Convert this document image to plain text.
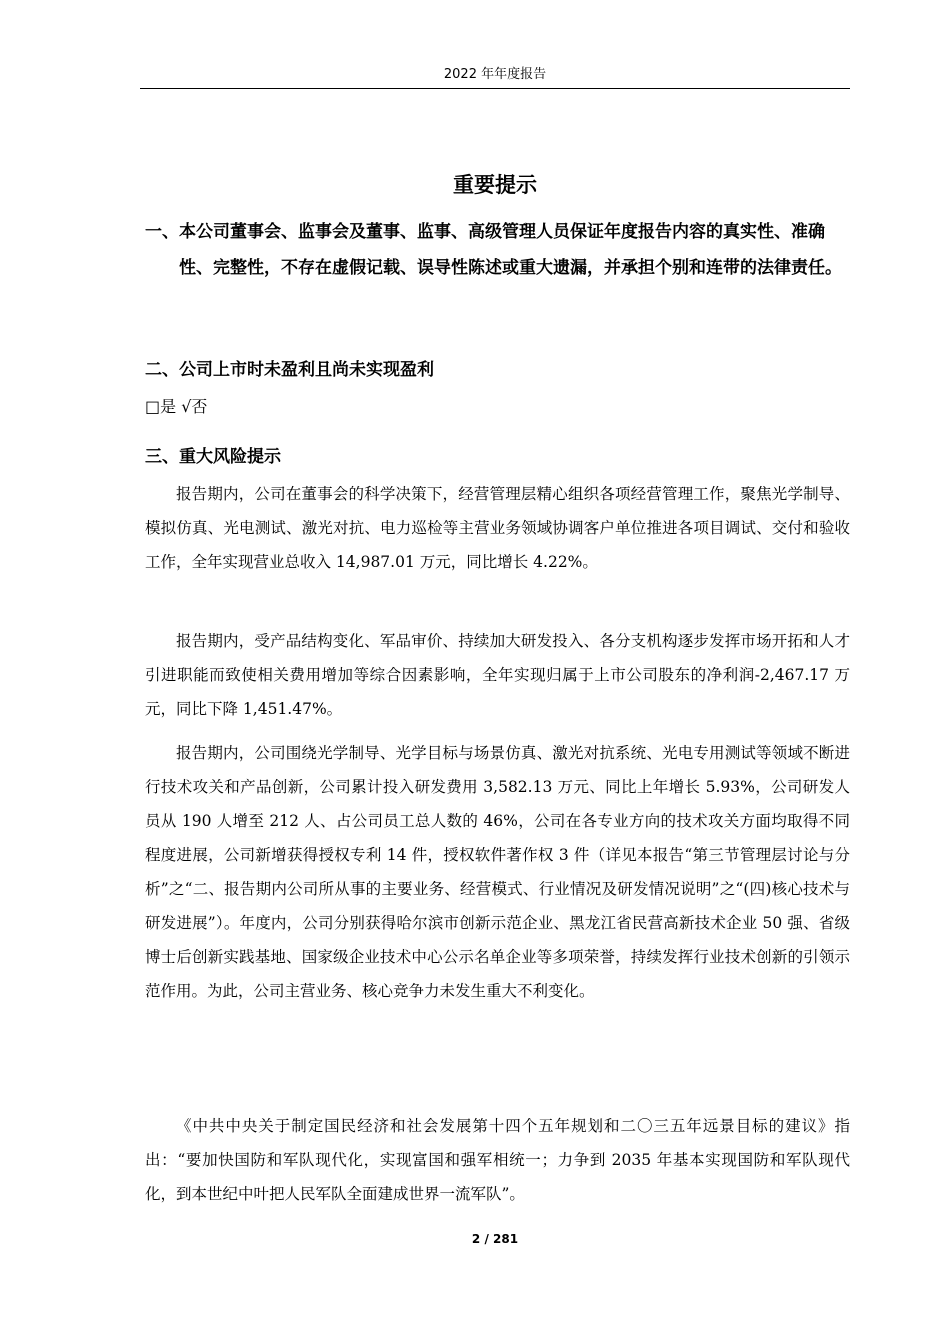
2022 年年度报告
重要提示
一、本公司董事会、监事会及董事、监事、高级管理人员保证年度报告内容的真实性、准确性、完整性，不存在虚假记载、误导性陈述或重大遗漏，并承担个别和连带的法律责任。
二、公司上市时未盈利且尚未实现盈利
□是 √否
三、重大风险提示

报告期内，公司在董事会的科学决策下，经营管理层精心组织各项经营管理工作，聚焦光学制导、模拟仿真、光电测试、激光对抗、电力巡检等主营业务领域协调客户单位推进各项目调试、交付和验收工作，全年实现营业总收入 14,987.01 万元，同比增长 4.22%。

报告期内，受产品结构变化、军品审价、持续加大研发投入、各分支机构逐步发挥市场开拓和人才引进职能而致使相关费用增加等综合因素影响，全年实现归属于上市公司股东的净利润-2,467.17 万元，同比下降 1,451.47%。

报告期内，公司围绕光学制导、光学目标与场景仿真、激光对抗系统、光电专用测试等领域不断进行技术攻关和产品创新，公司累计投入研发费用 3,582.13 万元、同比上年增长 5.93%，公司研发人员从 190 人增至 212 人、占公司员工总人数的 46%，公司在各专业方向的技术攻关方面均取得不同程度进展，公司新增获得授权专利 14 件，授权软件著作权 3 件（详见本报告“第三节管理层讨论与分析”之“二、报告期内公司所从事的主要业务、经营模式、行业情况及研发情况说明”之“(四)核心技术与研发进展”）。年度内，公司分别获得哈尔滨市创新示范企业、黑龙江省民营高新技术企业 50 强、省级博士后创新实践基地、国家级企业技术中心公示名单企业等多项荣誉，持续发挥行业技术创新的引领示范作用。为此，公司主营业务、核心竞争力未发生重大不利变化。

《中共中央关于制定国民经济和社会发展第十四个五年规划和二〇三五年远景目标的建议》指出：“要加快国防和军队现代化，实现富国和强军相统一；力争到 2035 年基本实现国防和军队现代化，到本世纪中叶把人民军队全面建成世界一流军队”。

2 / 281
